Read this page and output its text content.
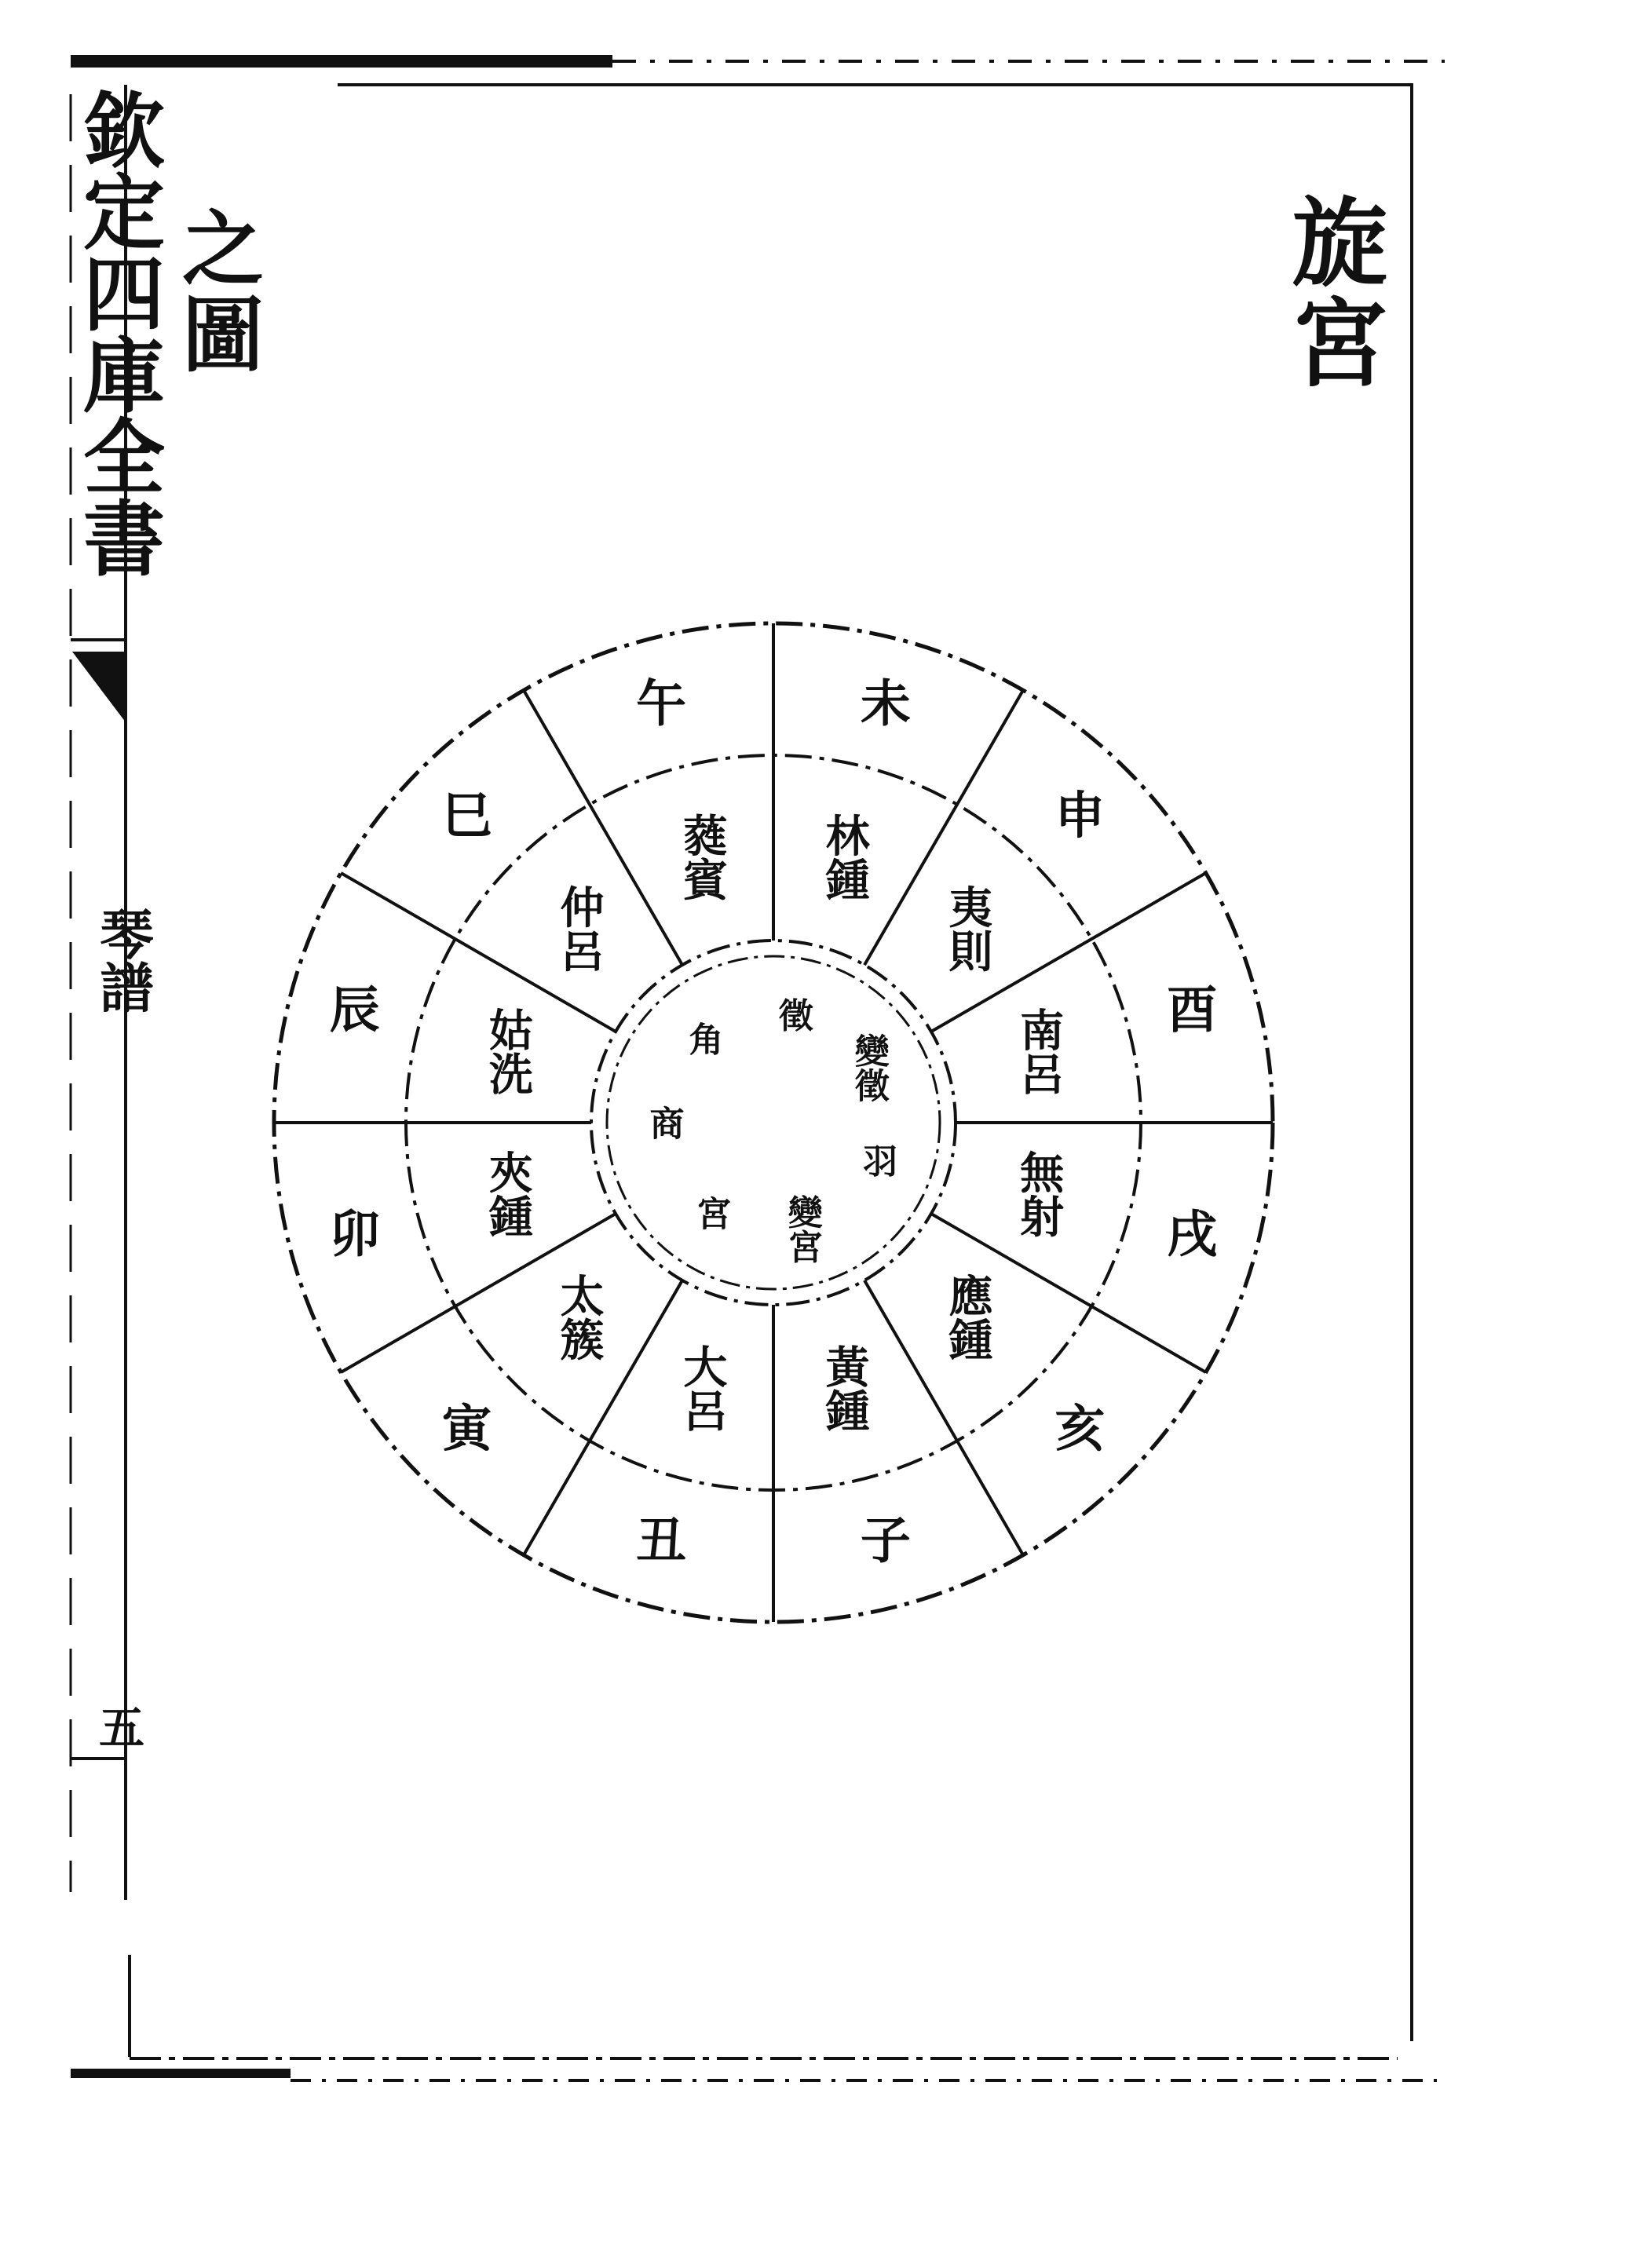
欽定四庫全書
琴譜
五
旋宮
之圖
午	未
申
酉
戌
亥
子
丑
寅
卯
辰
巳	蕤賓 林鍾
夷則
南呂
無射
應鍾
黃鍾
大呂
太簇
夾鍾
姑洗
仲呂
徵
變徵
羽
變宮
宮
商
角
